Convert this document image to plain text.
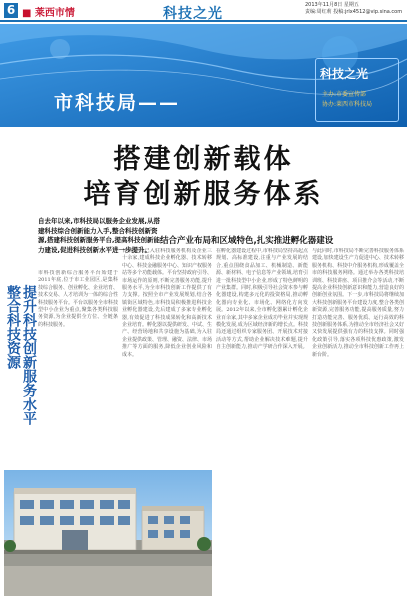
6 ■ 莱西市情	科技之光
2013年11月8日 星期五
责编:周红莉 投稿:jrlx4512@vip.sina.com
市科技局——
科技之光
主办:市委宣传部
协办:莱西市科技局
搭建创新载体
培育创新服务体系
自去年以来,市科技局以服务企业发展,从搭建科技综合创新能力入手,整合科技创新资源,搭建科技创新服务平台,提高科技创新能力建设,促进科技创新水平进一步提升。
结合产业布局和区域特色,扎实推进孵化器建设
整合科技资源 提升科技创新服务水平
市科技创新综合服务平台始建于2011年底,位于市工业园区,是集科技综合服务、创业孵化、企业培育、技术交易、人才培训为一体的综合性科技服务平台。平台以服务全市科技型中小企业为重点,聚集各类科技服务资源,为企业提供全方位、全链条的科技服务。
目前,平台已入驻科技服务机构及企业三十余家,建成科技企业孵化器、技术转移中心、科技金融服务中心、知识产权服务站等多个功能载体。平台坚持政府引导、市场运作的原则,不断完善服务功能,提升服务水平,为全市科技创新工作提供了有力支撑。按照全市产业发展规划,结合各镇街区域特色,市科技局积极推进科技企业孵化器建设,先后建成了多家专业孵化器,有效促进了科技成果转化和高新技术企业培育。孵化器以提供研发、中试、生产、经营场地和共享设施为基础,为入驻企业提供政策、管理、融资、法律、市场推广等方面的服务,降低企业创业风险和成本。
在孵化器建设过程中,市科技局坚持高起点规划、高标准建设,注重与产业发展的结合,重点围绕食品加工、机械制造、新能源、新材料、电子信息等产业领域,培育引进一批科技型中小企业,形成了特色鲜明的产业集群。同时,积极引导社会资本参与孵化器建设,构建多元化的投资格局,推动孵化器向专业化、市场化、网络化方向发展。2012年以来,全市孵化器累计孵化企业百余家,其中多家企业成功毕业并实现规模化发展,成为区域经济新的增长点。科技局还通过组织专家服务团、开展技术对接活动等方式,帮助企业解决技术难题,提升自主创新能力,推动产学研合作深入开展。
与此同时,市科技局不断完善科技服务体系建设,加快建设生产力促进中心、技术转移服务机构、科技中介服务机构,形成覆盖全市的科技服务网络。通过举办各类科技培训班、科技讲座、项目推介会等活动,不断提高企业科技创新意识和能力,营造良好的创新创业氛围。下一步,市科技局将继续加大科技创新服务平台建设力度,整合各类创新资源,完善服务功能,提高服务质量,努力打造功能完善、服务优质、运行高效的科技创新服务体系,为推动全市经济社会又好又快发展提供强有力的科技支撑。同时强化政策引导,落实各项科技优惠政策,激发企业创新活力,推动全市科技创新工作再上新台阶。
